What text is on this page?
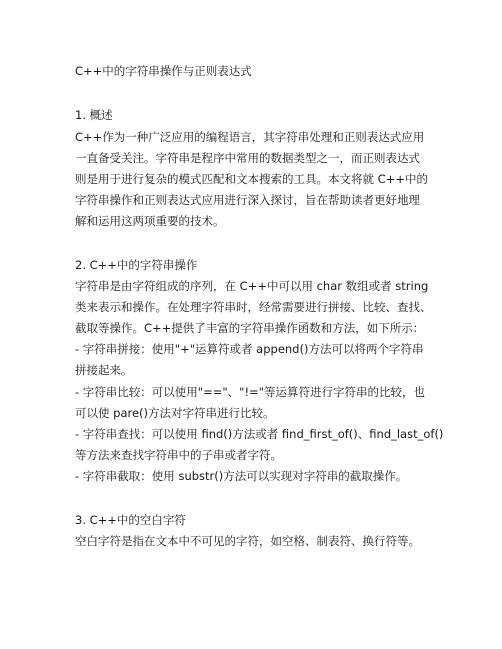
C++中的字符串操作与正则表达式
1. 概述
C++作为一种广泛应用的编程语言，其字符串处理和正则表达式应用
一直备受关注。字符串是程序中常用的数据类型之一，而正则表达式
则是用于进行复杂的模式匹配和文本搜索的工具。本文将就 C++中的
字符串操作和正则表达式应用进行深入探讨，旨在帮助读者更好地理
解和运用这两项重要的技术。
2. C++中的字符串操作
字符串是由字符组成的序列，在 C++中可以用 char 数组或者 string
类来表示和操作。在处理字符串时，经常需要进行拼接、比较、查找、
截取等操作。C++提供了丰富的字符串操作函数和方法，如下所示：
- 字符串拼接：使用"+"运算符或者 append()方法可以将两个字符串
拼接起来。
- 字符串比较：可以使用"=="、"!="等运算符进行字符串的比较，也
可以使 pare()方法对字符串进行比较。
- 字符串查找：可以使用 find()方法或者 find_first_of()、find_last_of()
等方法来查找字符串中的子串或者字符。
- 字符串截取：使用 substr()方法可以实现对字符串的截取操作。
3. C++中的空白字符
空白字符是指在文本中不可见的字符，如空格、制表符、换行符等。
